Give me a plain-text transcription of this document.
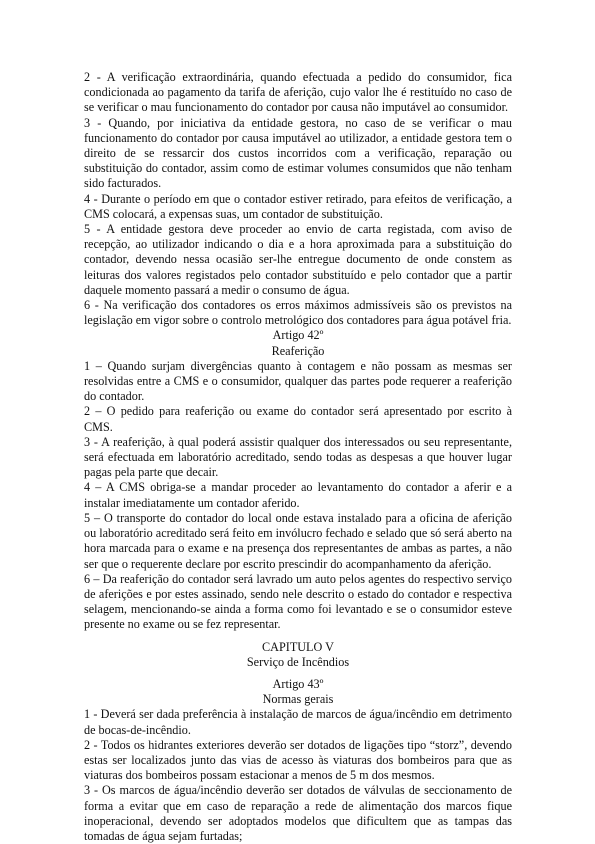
2 - A verificação extraordinária, quando efectuada a pedido do consumidor, fica condicionada ao pagamento da tarifa de aferição, cujo valor lhe é restituído no caso de se verificar o mau funcionamento do contador por causa não imputável ao consumidor.

3 - Quando, por iniciativa da entidade gestora, no caso de se verificar o mau funcionamento do contador por causa imputável ao utilizador, a entidade gestora tem o direito de se ressarcir dos custos incorridos com a verificação, reparação ou substituição do contador, assim como de estimar volumes consumidos que não tenham sido facturados.

4 - Durante o período em que o contador estiver retirado, para efeitos de verificação, a CMS colocará, a expensas suas, um contador de substituição.

5 - A entidade gestora deve proceder ao envio de carta registada, com aviso de recepção, ao utilizador indicando o dia e a hora aproximada para a substituição do contador, devendo nessa ocasião ser-lhe entregue documento de onde constem as leituras dos valores registados pelo contador substituído e pelo contador que a partir daquele momento passará a medir o consumo de água.

6 - Na verificação dos contadores os erros máximos admissíveis são os previstos na legislação em vigor sobre o controlo metrológico dos contadores para água potável fria.

Artigo 42º

Reaferição

1 – Quando surjam divergências quanto à contagem e não possam as mesmas ser resolvidas entre a CMS e o consumidor, qualquer das partes pode requerer a reaferição do contador.

2 – O pedido para reaferição ou exame do contador será apresentado por escrito à CMS.

3 - A reaferição, à qual poderá assistir qualquer dos interessados ou seu representante, será efectuada em laboratório acreditado, sendo todas as despesas a que houver lugar pagas pela parte que decair.

4 – A CMS obriga-se a mandar proceder ao levantamento do contador a aferir e a instalar imediatamente um contador aferido.

5 – O transporte do contador do local onde estava instalado para a oficina de aferição ou laboratório acreditado será feito em invólucro fechado e selado que só será aberto na hora marcada para o exame e na presença dos representantes de ambas as partes, a não ser que o requerente declare por escrito prescindir do acompanhamento da aferição.

6 – Da reaferição do contador será lavrado um auto pelos agentes do respectivo serviço de aferições e por estes assinado, sendo nele descrito o estado do contador e respectiva selagem, mencionando-se ainda a forma como foi levantado e se o consumidor esteve presente no exame ou se fez representar.

CAPITULO V

Serviço de Incêndios

Artigo 43º

Normas gerais

1 - Deverá ser dada preferência à instalação de marcos de água/incêndio em detrimento de bocas-de-incêndio.

2 - Todos os hidrantes exteriores deverão ser dotados de ligações tipo “storz”, devendo estas ser localizados junto das vias de acesso às viaturas dos bombeiros para que as viaturas dos bombeiros possam estacionar a menos de 5 m dos mesmos.

3 - Os marcos de água/incêndio deverão ser dotados de válvulas de seccionamento de forma a evitar que em caso de reparação a rede de alimentação dos marcos fique inoperacional, devendo ser adoptados modelos que dificultem que as tampas das tomadas de água sejam furtadas;
